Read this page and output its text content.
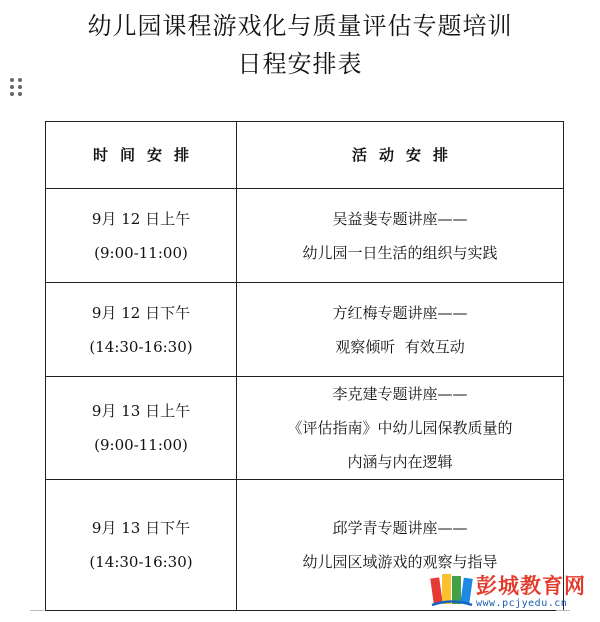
幼儿园课程游戏化与质量评估专题培训
日程安排表
时间安排	活动安排

9月 12 日上午
(9:00-11:00)	吴益斐专题讲座——
幼儿园一日生活的组织与实践

9月 12 日下午
(14:30-16:30)	方红梅专题讲座——
观察倾听  有效互动

9月 13 日上午
(9:00-11:00)	李克建专题讲座——
《评估指南》中幼儿园保教质量的
内涵与内在逻辑

9月 13 日下午
(14:30-16:30)	邱学青专题讲座——
幼儿园区域游戏的观察与指导
彭城教育网
www.pcjyedu.cn
